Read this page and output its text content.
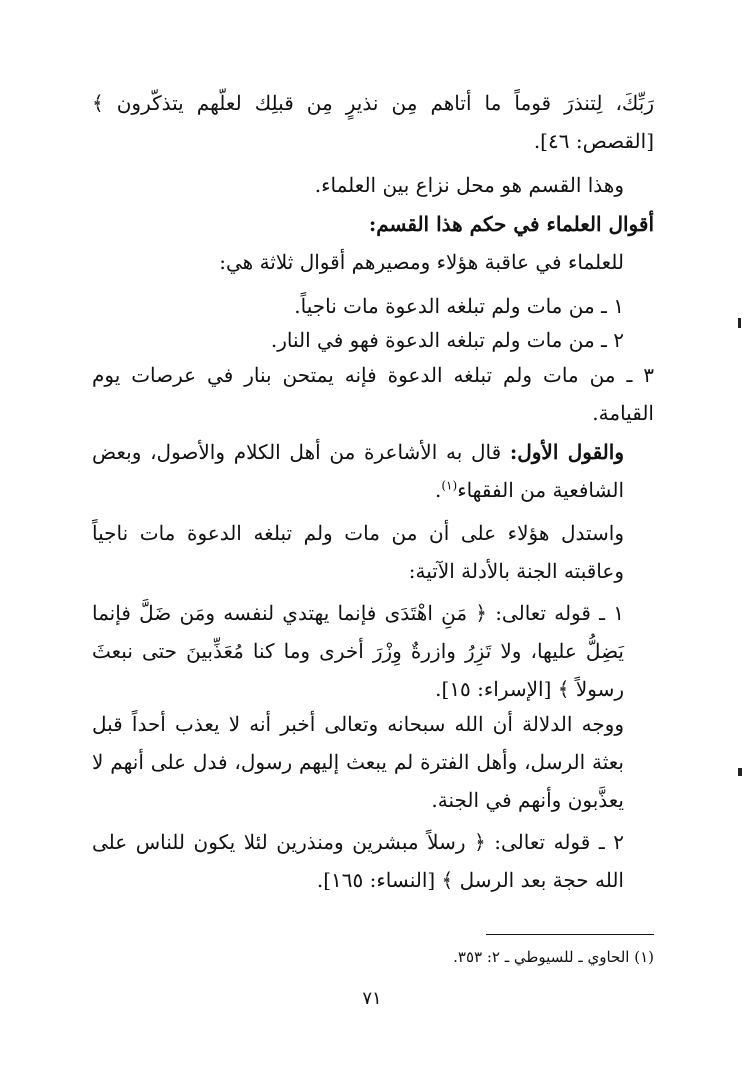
رَبِّكَ، لِتنذرَ قوماً ما أتاهم مِن نذيرٍ مِن قبلِك لعلّهم يتذكّرون ﴾ [القصص: ٤٦].

وهذا القسم هو محل نزاع بين العلماء.

أقوال العلماء في حكم هذا القسم:

للعلماء في عاقبة هؤلاء ومصيرهم أقوال ثلاثة هي:

١ ـ من مات ولم تبلغه الدعوة مات ناجياً.

٢ ـ من مات ولم تبلغه الدعوة فهو في النار.

٣ ـ من مات ولم تبلغه الدعوة فإنه يمتحن بنار في عرصات يوم القيامة.

والقول الأول: قال به الأشاعرة من أهل الكلام والأصول، وبعض الشافعية من الفقهاء$^{(١)}$.

واستدل هؤلاء على أن من مات ولم تبلغه الدعوة مات ناجياً وعاقبته الجنة بالأدلة الآتية:

١ ـ قوله تعالى: ﴿ مَنِ اهْتَدَى فإنما يهتدي لنفسه ومَن ضَلَّ فإنما يَضِلُّ عليها، ولا تَزِرُ وازرةٌ وِزْرَ أخرى وما كنا مُعَذِّبينَ حتى نبعثَ رسولاً ﴾ [الإسراء: ١٥].

ووجه الدلالة أن الله سبحانه وتعالى أخبر أنه لا يعذب أحداً قبل بعثة الرسل، وأهل الفترة لم يبعث إليهم رسول، فدل على أنهم لا يعذَّبون وأنهم في الجنة.

٢ ـ قوله تعالى: ﴿ رسلاً مبشرين ومنذرين لئلا يكون للناس على الله حجة بعد الرسل ﴾ [النساء: ١٦٥].

(١) الحاوي ـ للسيوطي ـ ٢: ٣٥٣.

٧١
